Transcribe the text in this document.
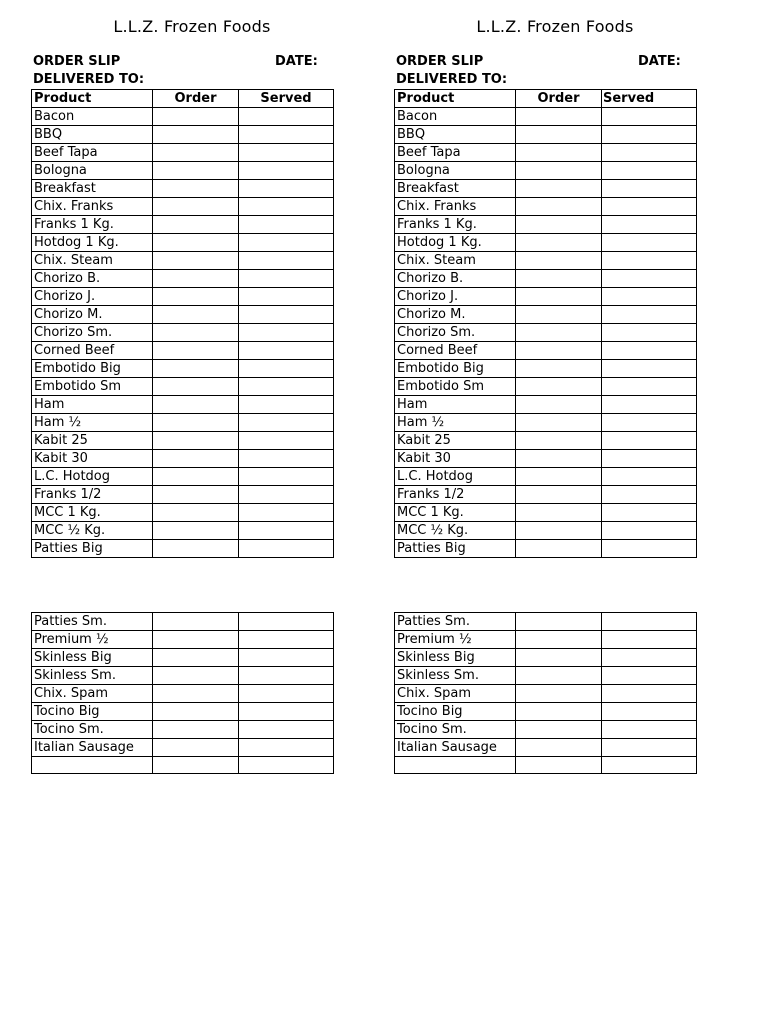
L.L.Z. Frozen Foods
ORDER SLIP	DATE:
DELIVERED TO:
Product	Order	Served
Bacon		
BBQ		
Beef Tapa		
Bologna		
Breakfast		
Chix. Franks		
Franks 1 Kg.		
Hotdog 1 Kg.		
Chix. Steam		
Chorizo B.		
Chorizo J.		
Chorizo M.		
Chorizo Sm.		
Corned Beef		
Embotido Big		
Embotido Sm		
Ham		
Ham ½		
Kabit 25		
Kabit 30		
L.C. Hotdog		
Franks 1/2		
MCC 1 Kg.		
MCC ½ Kg.		
Patties Big		
Patties Sm.		
Premium ½		
Skinless Big		
Skinless Sm.		
Chix. Spam		
Tocino Big		
Tocino Sm.		
Italian Sausage		

L.L.Z. Frozen Foods
ORDER SLIP	DATE:
DELIVERED TO:
Product	Order	Served
Bacon		
BBQ		
Beef Tapa		
Bologna		
Breakfast		
Chix. Franks		
Franks 1 Kg.		
Hotdog 1 Kg.		
Chix. Steam		
Chorizo B.		
Chorizo J.		
Chorizo M.		
Chorizo Sm.		
Corned Beef		
Embotido Big		
Embotido Sm		
Ham		
Ham ½		
Kabit 25		
Kabit 30		
L.C. Hotdog		
Franks 1/2		
MCC 1 Kg.		
MCC ½ Kg.		
Patties Big		
Patties Sm.		
Premium ½		
Skinless Big		
Skinless Sm.		
Chix. Spam		
Tocino Big		
Tocino Sm.		
Italian Sausage		
